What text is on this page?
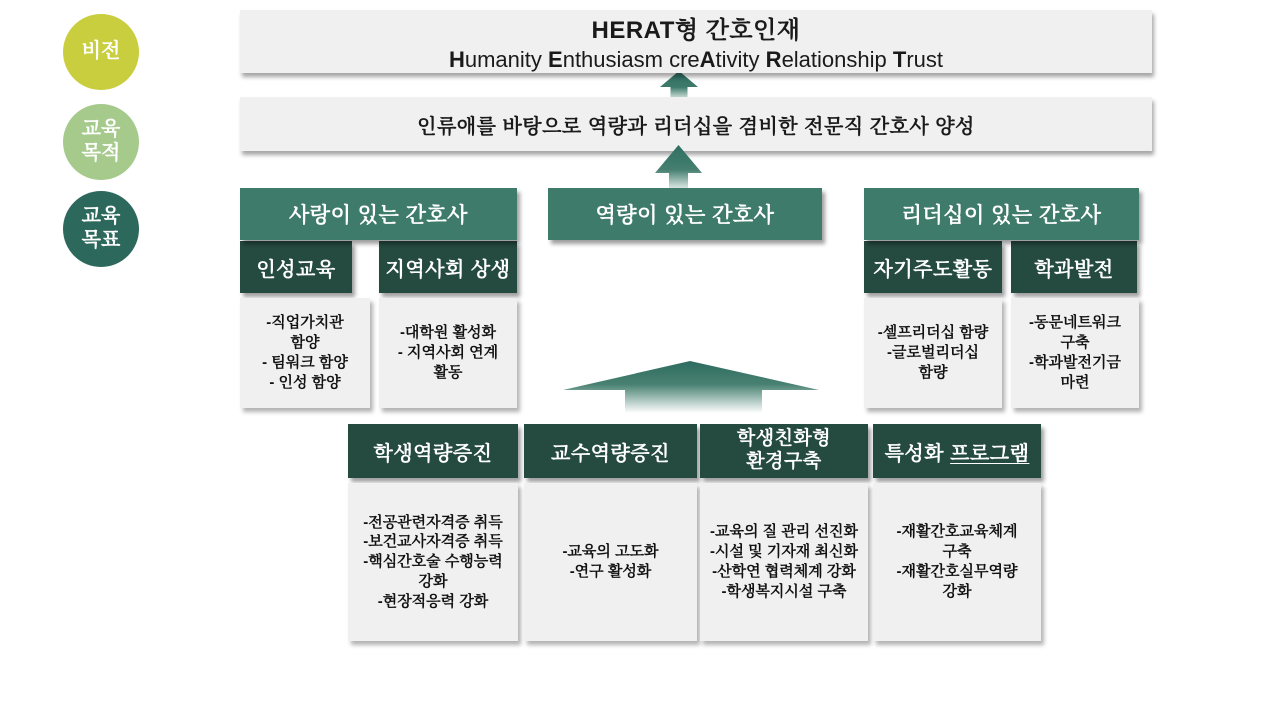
비전
교육
목적
교육
목표
HERAT형 간호인재
Humanity Enthusiasm creAtivity Relationship Trust
인류애를 바탕으로 역량과 리더십을 겸비한 전문직 간호사 양성
사랑이 있는 간호사	역량이 있는 간호사	리더십이 있는 간호사
인성교육 지역사회 상생
-직업가치관
함양
- 팀워크 함양
- 인성 함양
-대학원 활성화
- 지역사회 연계
활동
자기주도활동 학과발전
-셀프리더십 함량
-글로벌리더십
함량
-동문네트워크
구축
-학과발전기금
마련
학생역량증진	교수역량증진
학생친화형
환경구축	특성화 프로그램
-전공관련자격증 취득
-보건교사자격증 취득
-핵심간호술 수행능력
강화
-현장적응력 강화
-교육의 고도화
-연구 활성화
-교육의 질 관리 선진화
-시설 및 기자재 최신화
-산학연 협력체계 강화
-학생복지시설 구축
-재활간호교육체계
구축
-재활간호실무역량
강화
